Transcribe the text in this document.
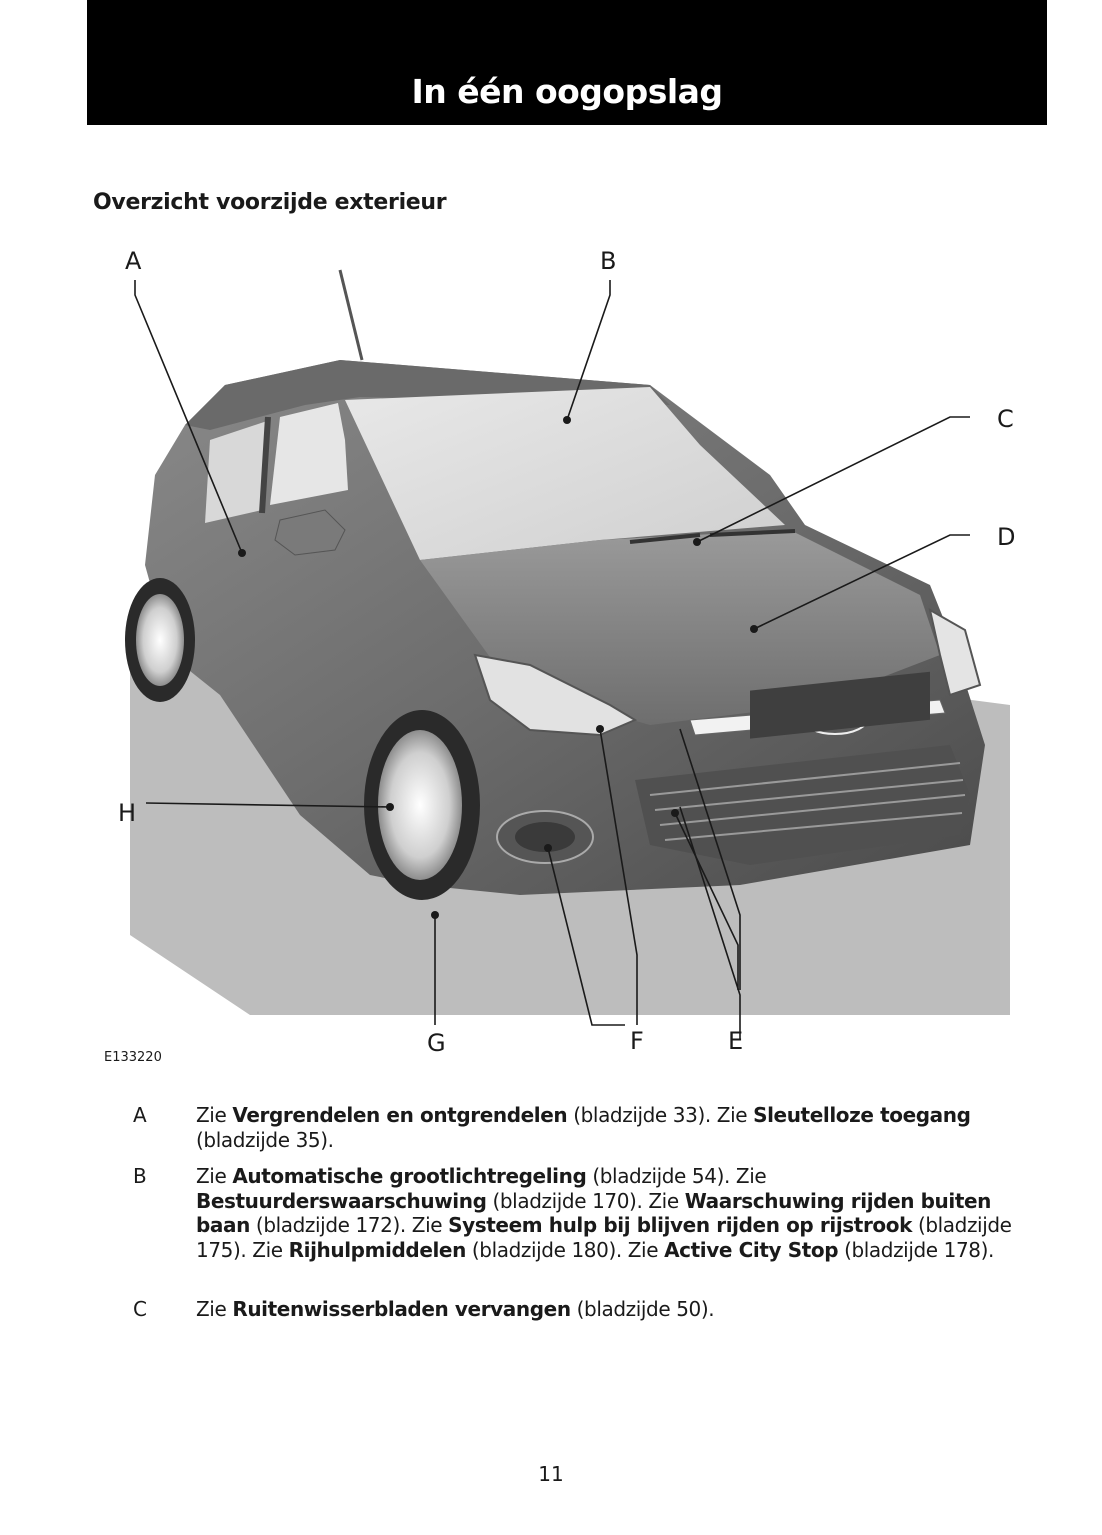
In één oogopslag
Overzicht voorzijde exterieur
A	B
C
D
E
F
G
H
E133220
A Zie Vergrendelen en ontgrendelen (bladzijde 33). Zie Sleutelloze toegang (bladzijde 35).
B Zie Automatische grootlichtregeling (bladzijde 54). Zie Bestuurderswaarschuwing (bladzijde 170). Zie Waarschuwing rijden buiten baan (bladzijde 172). Zie Systeem hulp bij blijven rijden op rijstrook (bladzijde 175). Zie Rijhulpmiddelen (bladzijde 180). Zie Active City Stop (bladzijde 178).
C Zie Ruitenwisserbladen vervangen (bladzijde 50).
11
